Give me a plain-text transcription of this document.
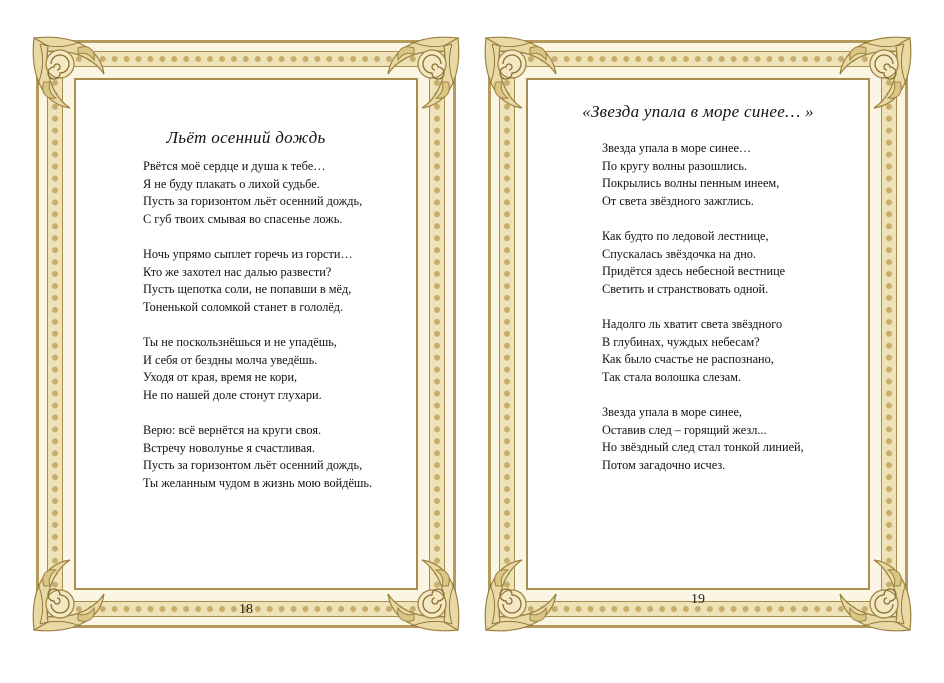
Льёт осенний дождь
Рвётся моё сердце и душа к тебе…
Я не буду плакать о лихой судьбе.
Пусть за горизонтом льёт осенний дождь,
С губ твоих смывая во спасенье ложь.
Ночь упрямо сыплет горечь из горсти…
Кто же захотел нас далью развести?
Пусть щепотка соли, не попавши в мёд,
Тоненькой соломкой станет в гололёд.
Ты не поскользнёшься и не упадёшь,
И себя от бездны молча уведёшь.
Уходя от края, время не кори,
Не по нашей доле стонут глухари.
Верю: всё вернётся на круги своя.
Встречу новолунье я счастливая.
Пусть за горизонтом льёт осенний дождь,
Ты желанным чудом в жизнь мою войдёшь.
18
«Звезда упала в море синее… »
Звезда упала в море синее…
По кругу волны разошлись.
Покрылись волны пенным инеем,
От света звёздного зажглись.
Как будто по ледовой лестнице,
Спускалась звёздочка на дно.
Придётся здесь небесной вестнице
Светить и странствовать одной.
Надолго ль хватит света звёздного
В глубинах, чуждых небесам?
Как было счастье не распознано,
Так стала волошка слезам.
Звезда упала в море синее,
Оставив след – горящий жезл...
Но звёздный след стал тонкой линией,
Потом загадочно исчез.
19
